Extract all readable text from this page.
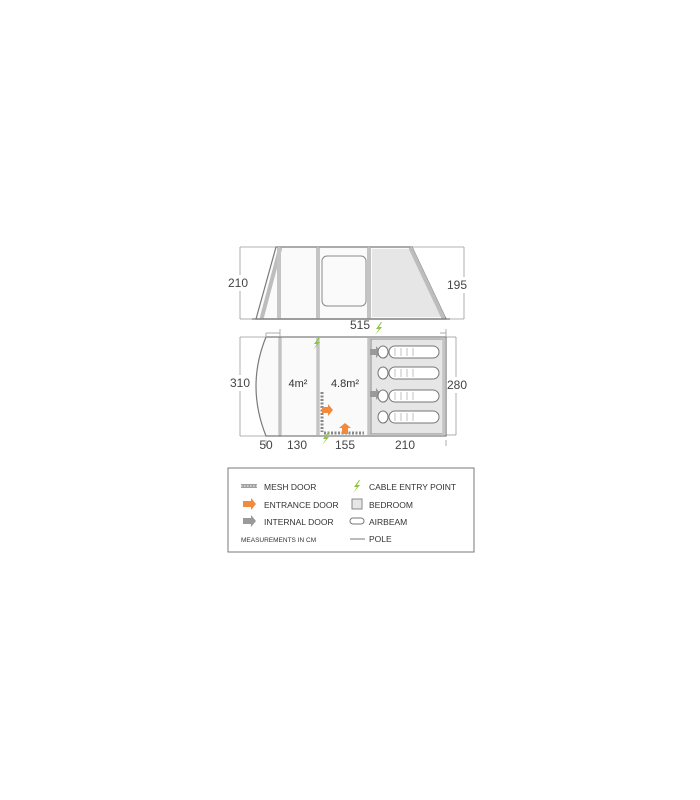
210	195
515
310	280
4m² 4.8m²
50 130 155	210
MESH DOOR	CABLE ENTRY POINT
ENTRANCE DOOR	BEDROOM
INTERNAL DOOR	AIRBEAM
MEASUREMENTS IN CM	POLE
